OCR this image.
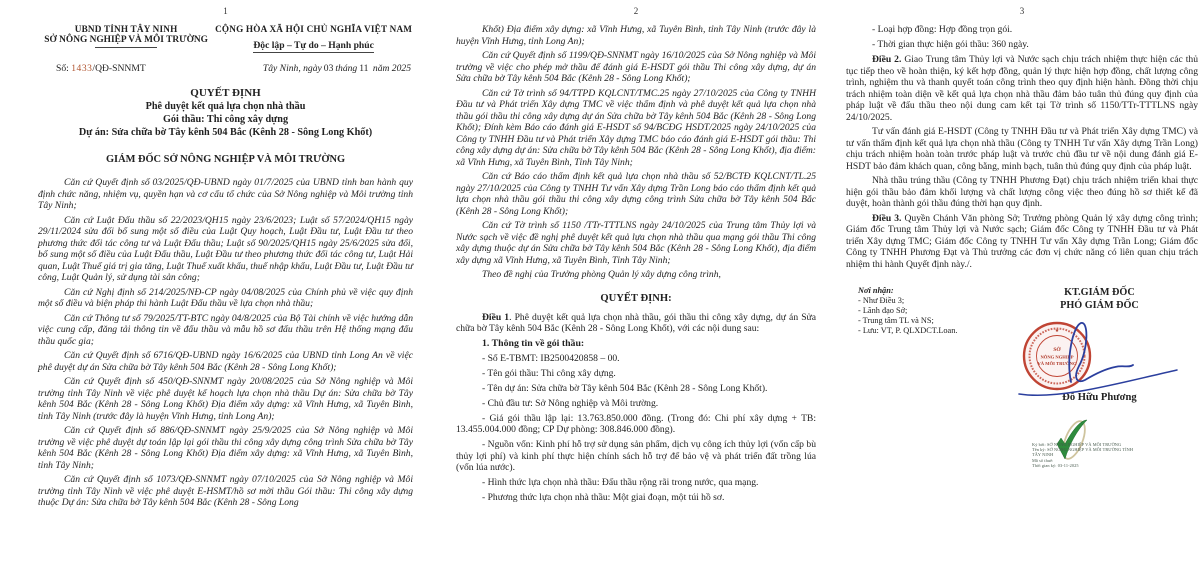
1
UBND TỈNH TÂY NINH
SỞ NÔNG NGHIỆP VÀ MÔI TRƯỜNG
CỘNG HÒA XÃ HỘI CHỦ NGHĨA VIỆT NAM
Độc lập – Tự do – Hạnh phúc
Số: 1433/QĐ-SNNMT	Tây Ninh, ngày 03 tháng 11 năm 2025
QUYẾT ĐỊNH
Phê duyệt kết quả lựa chọn nhà thầu
Gói thầu: Thi công xây dựng
Dự án: Sửa chữa bờ Tây kênh 504 Bắc (Kênh 28 - Sông Long Khốt)
GIÁM ĐỐC SỞ NÔNG NGHIỆP VÀ MÔI TRƯỜNG

Căn cứ Quyết định số 03/2025/QĐ-UBND ngày 01/7/2025 của UBND tỉnh ban hành quy định chức năng, nhiệm vụ, quyền hạn và cơ cấu tổ chức của Sở Nông nghiệp và Môi trường tỉnh Tây Ninh;

Căn cứ Luật Đấu thầu số 22/2023/QH15 ngày 23/6/2023; Luật số 57/2024/QH15 ngày 29/11/2024 sửa đổi bổ sung một số điều của Luật Quy hoạch, Luật Đầu tư, Luật Đầu tư theo phương thức đối tác công tư và Luật Đấu thầu; Luật số 90/2025/QH15 ngày 25/6/2025 sửa đổi, bổ sung một số điều của Luật Đấu thầu, Luật Đầu tư theo phương thức đối tác công tư, Luật Hải quan, Luật Thuế giá trị gia tăng, Luật Thuế xuất khẩu, thuế nhập khẩu, Luật Đầu tư, Luật Đầu tư công, Luật Quản lý, sử dụng tài sản công;

Căn cứ Nghị định số 214/2025/NĐ-CP ngày 04/08/2025 của Chính phủ về việc quy định một số điều và biện pháp thi hành Luật Đấu thầu về lựa chọn nhà thầu;

Căn cứ Thông tư số 79/2025/TT-BTC ngày 04/8/2025 của Bộ Tài chính về việc hướng dẫn việc cung cấp, đăng tải thông tin về đấu thầu và mẫu hồ sơ đấu thầu trên Hệ thống mạng đấu thầu quốc gia;

Căn cứ Quyết định số 6716/QĐ-UBND ngày 16/6/2025 của UBND tỉnh Long An về việc phê duyệt dự án Sửa chữa bờ Tây kênh 504 Bắc (Kênh 28 - Sông Long Khốt);

Căn cứ Quyết định số 450/QĐ-SNNMT ngày 20/08/2025 của Sở Nông nghiệp và Môi trường tỉnh Tây Ninh về việc phê duyệt kế hoạch lựa chọn nhà thầu Dự án: Sửa chữa bờ Tây kênh 504 Bắc (Kênh 28 - Sông Long Khốt) Địa điểm xây dựng: xã Vĩnh Hưng, xã Tuyên Bình, tỉnh Tây Ninh (trước đây là huyện Vĩnh Hưng, tỉnh Long An);

Căn cứ Quyết định số 886/QĐ-SNNMT ngày 25/9/2025 của Sở Nông nghiệp và Môi trường về việc phê duyệt dự toán lập lại gói thầu thi công xây dựng công trình Sửa chữa bờ Tây kênh 504 Bắc (Kênh 28 - Sông Long Khốt) Địa điểm xây dựng: xã Vĩnh Hưng, xã Tuyên Bình, tỉnh Tây Ninh;

Căn cứ Quyết định số 1073/QĐ-SNNMT ngày 07/10/2025 của Sở Nông nghiệp và Môi trường tỉnh Tây Ninh về việc phê duyệt E-HSMT/hồ sơ mời thầu Gói thầu: Thi công xây dựng thuộc Dự án: Sửa chữa bờ Tây kênh 504 Bắc (Kênh 28 - Sông Long

2

Khốt) Địa điểm xây dựng: xã Vĩnh Hưng, xã Tuyên Bình, tỉnh Tây Ninh (trước đây là huyện Vĩnh Hưng, tỉnh Long An);

Căn cứ Quyết định số 1199/QĐ-SNNMT ngày 16/10/2025 của Sở Nông nghiệp và Môi trường về việc cho phép mở thầu để đánh giá E-HSDT gói thầu Thi công xây dựng, dự án Sửa chữa bờ Tây kênh 504 Bắc (Kênh 28 - Sông Long Khốt);

Căn cứ Tờ trình số 94/TTPD KQLCNT/TMC.25 ngày 27/10/2025 của Công ty TNHH Đầu tư và Phát triển Xây dựng TMC về việc thẩm định và phê duyệt kết quả lựa chọn nhà thầu gói thầu thi công xây dựng dự án Sửa chữa bờ Tây kênh 504 Bắc (Kênh 28 - Sông Long Khốt); Đính kèm Báo cáo đánh giá E-HSDT số 94/BCĐG HSDT/2025 ngày 24/10/2025 của Công ty TNHH Đầu tư và Phát triển Xây dựng TMC báo cáo đánh giá E-HSDT gói thầu: Thi công xây dựng dự án: Sửa chữa bờ Tây kênh 504 Bắc (Kênh 28 - Sông Long Khốt), địa điểm: xã Vĩnh Hưng, xã Tuyên Bình, Tỉnh Tây Ninh;

Căn cứ Báo cáo thẩm định kết quả lựa chọn nhà thầu số 52/BCTĐ KQLCNT/TL.25 ngày 27/10/2025 của Công ty TNHH Tư vấn Xây dựng Trần Long báo cáo thẩm định kết quả lựa chọn nhà thầu gói thầu thi công xây dựng công trình Sửa chữa bờ Tây kênh 504 Bắc (Kênh 28 - Sông Long Khốt);

Căn cứ Tờ trình số 1150 /TTr-TTTLNS ngày 24/10/2025 của Trung tâm Thủy lợi và Nước sạch về việc đề nghị phê duyệt kết quả lựa chọn nhà thầu qua mạng gói thầu Thi công xây dựng thuộc dự án Sửa chữa bờ Tây kênh 504 Bắc (Kênh 28 - Sông Long Khốt), địa điểm xây dựng xã Vĩnh Hưng, xã Tuyên Bình, Tỉnh Tây Ninh;

Theo đề nghị của Trưởng phòng Quản lý xây dựng công trình,

QUYẾT ĐỊNH:

Điều 1. Phê duyệt kết quả lựa chọn nhà thầu, gói thầu thi công xây dựng, dự án Sửa chữa bờ Tây kênh 504 Bắc (Kênh 28 - Sông Long Khốt), với các nội dung sau:

1. Thông tin về gói thầu:

- Số E-TBMT: IB2500420858 – 00.

- Tên gói thầu: Thi công xây dựng.

- Tên dự án: Sửa chữa bờ Tây kênh 504 Bắc (Kênh 28 - Sông Long Khốt).

- Chủ đầu tư: Sở Nông nghiệp và Môi trường.

- Giá gói thầu lập lại: 13.763.850.000 đồng. (Trong đó: Chi phí xây dựng + TB: 13.455.004.000 đồng; CP Dự phòng: 308.846.000 đồng).

- Nguồn vốn: Kinh phí hỗ trợ sử dụng sản phẩm, dịch vụ công ích thủy lợi (vốn cấp bù thủy lợi phí) và kinh phí thực hiện chính sách hỗ trợ để bảo vệ và phát triển đất trồng lúa (vốn lúa nước).

- Hình thức lựa chọn nhà thầu: Đấu thầu rộng rãi trong nước, qua mạng.

- Phương thức lựa chọn nhà thầu: Một giai đoạn, một túi hồ sơ.

3

- Loại hợp đồng: Hợp đồng trọn gói.

- Thời gian thực hiện gói thầu: 360 ngày.

Điều 2. Giao Trung tâm Thủy lợi và Nước sạch chịu trách nhiệm thực hiện các thủ tục tiếp theo về hoàn thiện, ký kết hợp đồng, quản lý thực hiện hợp đồng, chất lượng công trình, nghiệm thu và thanh quyết toán công trình theo quy định hiện hành. Đồng thời chịu trách nhiệm toàn diện về kết quả lựa chọn nhà thầu đảm bảo tuân thủ đúng quy định của pháp luật về đấu thầu theo nội dung cam kết tại Tờ trình số 1150/TTr-TTTLNS ngày 24/10/2025.

Tư vấn đánh giá E-HSDT (Công ty TNHH Đầu tư và Phát triển Xây dựng TMC) và tư vấn thẩm định kết quả lựa chọn nhà thầu (Công ty TNHH Tư vấn Xây dựng Trần Long) chịu trách nhiệm hoàn toàn trước pháp luật và trước chủ đầu tư về nội dung đánh giá E-HSDT bảo đảm khách quan, công bằng, minh bạch, tuân thủ đúng quy định của pháp luật.

Nhà thầu trúng thầu (Công ty TNHH Phương Đạt) chịu trách nhiệm triển khai thực hiện gói thầu bảo đảm khối lượng và chất lượng công việc theo đúng hồ sơ thiết kế đã duyệt, hoàn thành gói thầu đúng thời hạn quy định.

Điều 3. Quyền Chánh Văn phòng Sở; Trưởng phòng Quản lý xây dựng công trình; Giám đốc Trung tâm Thủy lợi và Nước sạch; Giám đốc Công ty TNHH Đầu tư và Phát triển Xây dựng TMC; Giám đốc Công ty TNHH Tư vấn Xây dựng Trần Long; Giám đốc Công ty TNHH Phương Đạt và Thủ trưởng các đơn vị chức năng có liên quan chịu trách nhiệm thi hành Quyết định này./.

Nơi nhận:

- Như Điều 3;

- Lãnh đạo Sở;

- Trung tâm TL và NS;

- Lưu: VT, P. QLXDCT.Loan.

KT.GIÁM ĐỐC
PHÓ GIÁM ĐỐC
★
SỞ
NÔNG NGHIỆP
VÀ MÔI TRƯỜNG
Đỗ Hữu Phương

Ký bởi: SỞ NÔNG NGHIỆP VÀ MÔI TRƯỜNG

Tên ký: SỞ NÔNG NGHIỆP VÀ MÔI TRƯỜNG TỈNH

TÂY NINH

Mã số thuế:

Thời gian ký: 03-11-2025
